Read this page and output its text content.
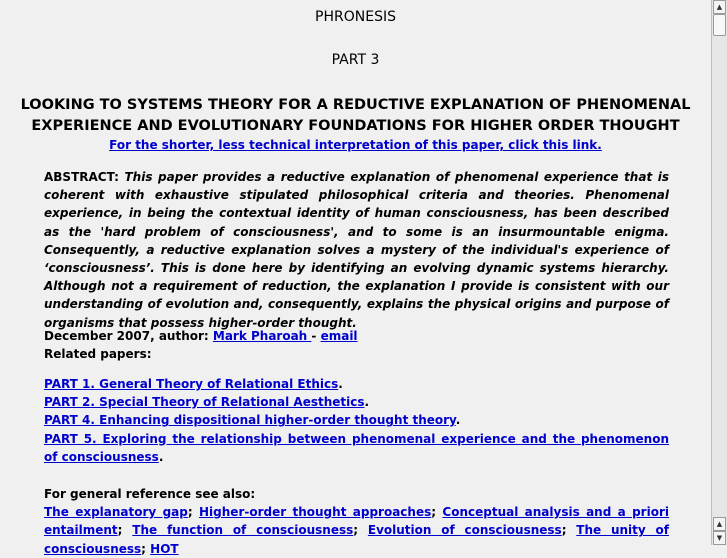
PHRONESIS
PART 3
LOOKING TO SYSTEMS THEORY FOR A REDUCTIVE EXPLANATION OF PHENOMENAL EXPERIENCE AND EVOLUTIONARY FOUNDATIONS FOR HIGHER ORDER THOUGHT
For the shorter, less technical interpretation of this paper, click this link.
ABSTRACT: This paper provides a reductive explanation of phenomenal experience that is coherent with exhaustive stipulated philosophical criteria and theories. Phenomenal experience, in being the contextual identity of human consciousness, has been described as the 'hard problem of consciousness', and to some is an insurmountable enigma. Consequently, a reductive explanation solves a mystery of the individual's experience of ‘consciousness’. This is done here by identifying an evolving dynamic systems hierarchy. Although not a requirement of reduction, the explanation I provide is consistent with our understanding of evolution and, consequently, explains the physical origins and purpose of organisms that possess higher-order thought.
December 2007, author: Mark Pharoah - email
Related papers:
PART 1. General Theory of Relational Ethics.
PART 2. Special Theory of Relational Aesthetics.
PART 4. Enhancing dispositional higher-order thought theory.
PART 5. Exploring the relationship between phenomenal experience and the phenomenon of consciousness.
For general reference see also:
The explanatory gap; Higher-order thought approaches; Conceptual analysis and a priori entailment; The function of consciousness; Evolution of consciousness; The unity of consciousness; HOT
▲
▲
▼
